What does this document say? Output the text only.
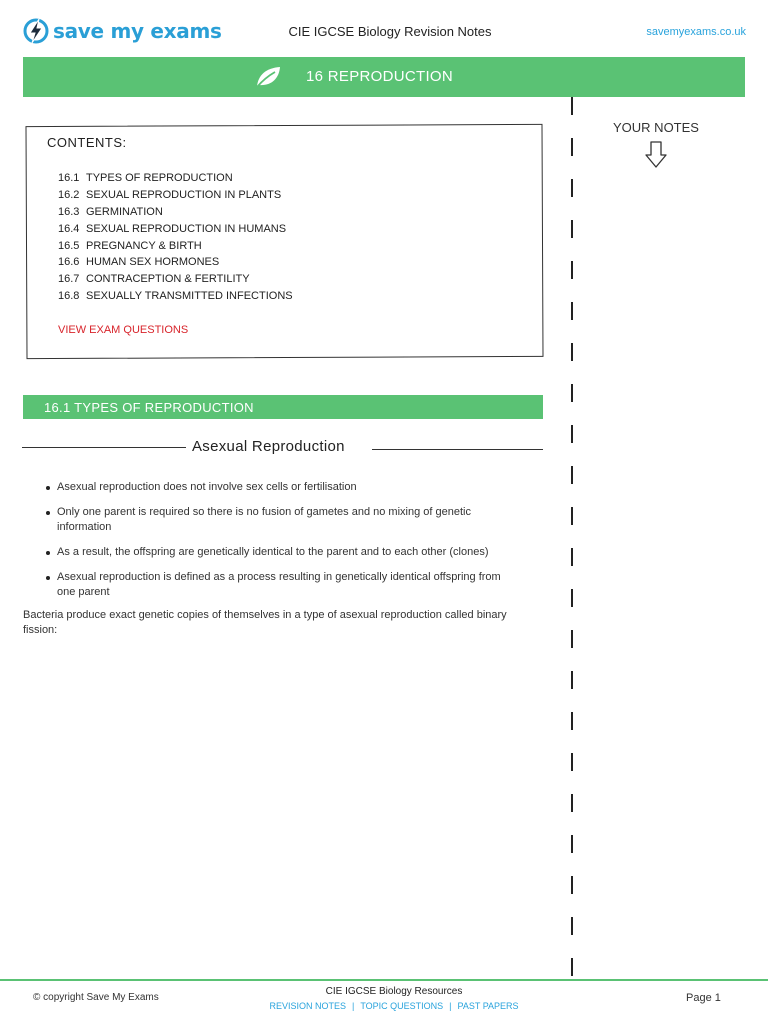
save my exams	CIE IGCSE Biology Revision Notes	savemyexams.co.uk
16 REPRODUCTION
YOUR NOTES
CONTENTS:
16.1 TYPES OF REPRODUCTION
16.2 SEXUAL REPRODUCTION IN PLANTS
16.3 GERMINATION
16.4 SEXUAL REPRODUCTION IN HUMANS
16.5 PREGNANCY & BIRTH
16.6 HUMAN SEX HORMONES
16.7 CONTRACEPTION & FERTILITY
16.8 SEXUALLY TRANSMITTED INFECTIONS
VIEW EXAM QUESTIONS
16.1 TYPES OF REPRODUCTION
Asexual Reproduction
Asexual reproduction does not involve sex cells or fertilisation
Only one parent is required so there is no fusion of gametes and no mixing of genetic information
As a result, the offspring are genetically identical to the parent and to each other (clones)
Asexual reproduction is defined as a process resulting in genetically identical offspring from one parent
Bacteria produce exact genetic copies of themselves in a type of asexual reproduction called binary fission:
© copyright Save My Exams
CIE IGCSE Biology Resources
REVISION NOTES | TOPIC QUESTIONS | PAST PAPERS
Page 1
